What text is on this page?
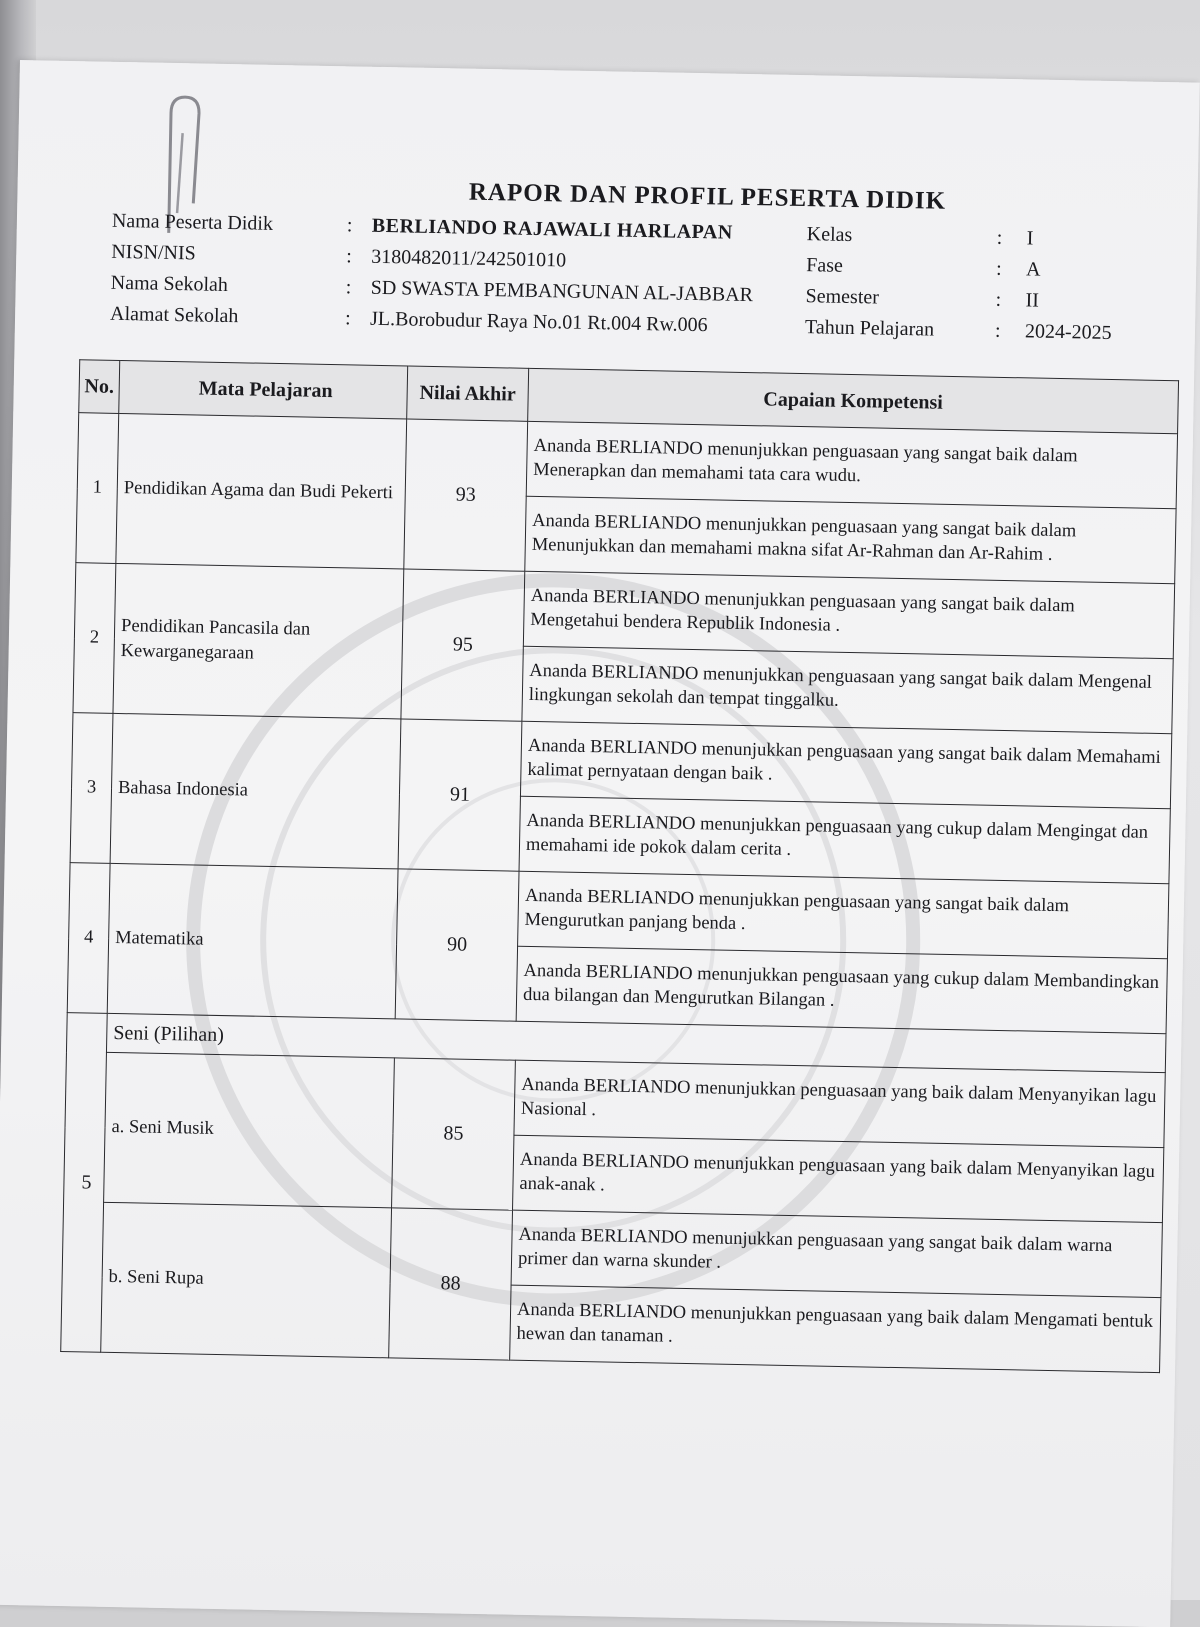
RAPOR DAN PROFIL PESERTA DIDIK
Nama Peserta Didik	: BERLIANDO RAJAWALI HARLAPAN	Kelas	: I
NISN/NIS	: 3180482011/242501010	Fase	: A
Nama Sekolah	: SD SWASTA PEMBANGUNAN AL-JABBAR	Semester	: II
Alamat Sekolah	: JL.Borobudur Raya No.01 Rt.004 Rw.006	Tahun Pelajaran	: 2024-2025
No.	Mata Pelajaran	Nilai Akhir	Capaian Kompetensi
1	Pendidikan Agama dan Budi Pekerti	93	Ananda BERLIANDO menunjukkan penguasaan yang sangat baik dalam Menerapkan dan memahami tata cara wudu.
			Ananda BERLIANDO menunjukkan penguasaan yang sangat baik dalam Menunjukkan dan memahami makna sifat Ar-Rahman dan Ar-Rahim .
2	Pendidikan Pancasila dan Kewarganegaraan	95	Ananda BERLIANDO menunjukkan penguasaan yang sangat baik dalam Mengetahui bendera Republik Indonesia .
			Ananda BERLIANDO menunjukkan penguasaan yang sangat baik dalam Mengenal lingkungan sekolah dan tempat tinggalku.
3	Bahasa Indonesia	91	Ananda BERLIANDO menunjukkan penguasaan yang sangat baik dalam Memahami kalimat pernyataan dengan baik .
			Ananda BERLIANDO menunjukkan penguasaan yang cukup dalam Mengingat dan memahami ide pokok dalam cerita .
4	Matematika	90	Ananda BERLIANDO menunjukkan penguasaan yang sangat baik dalam Mengurutkan panjang benda .
			Ananda BERLIANDO menunjukkan penguasaan yang cukup dalam Membandingkan dua bilangan dan Mengurutkan Bilangan .
5	Seni (Pilihan)		
	a. Seni Musik	85	Ananda BERLIANDO menunjukkan penguasaan yang baik dalam Menyanyikan lagu Nasional .
			Ananda BERLIANDO menunjukkan penguasaan yang baik dalam Menyanyikan lagu anak-anak .
	b. Seni Rupa	88	Ananda BERLIANDO menunjukkan penguasaan yang sangat baik dalam warna primer dan warna skunder .
			Ananda BERLIANDO menunjukkan penguasaan yang baik dalam Mengamati bentuk hewan dan tanaman .
